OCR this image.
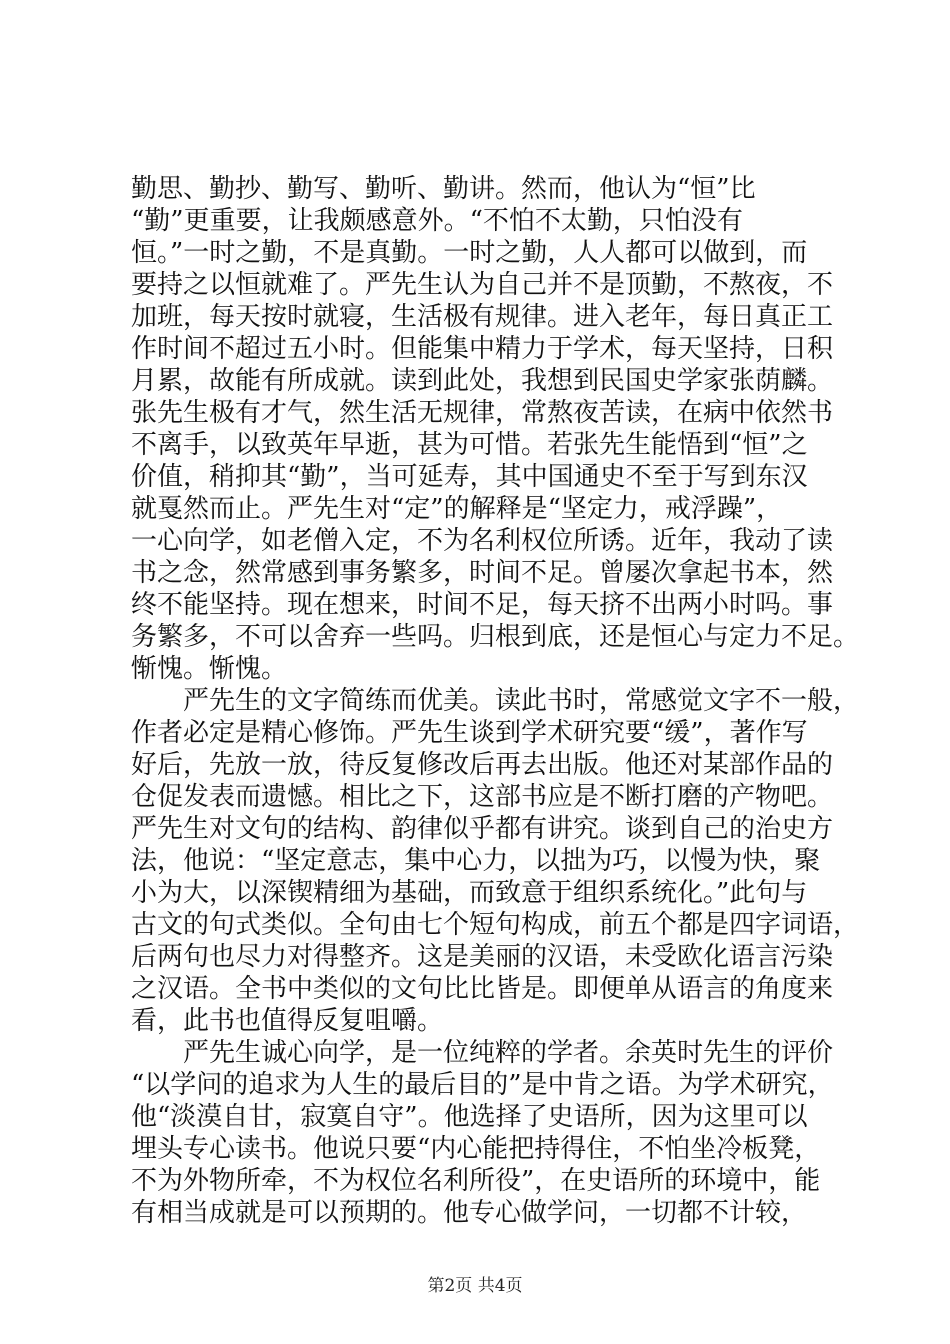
勤思、勤抄、勤写、勤听、勤讲。然而，他认为“恒”比
“勤”更重要，让我颇感意外。“不怕不太勤，只怕没有
恒。”一时之勤，不是真勤。一时之勤，人人都可以做到，而
要持之以恒就难了。严先生认为自己并不是顶勤，不熬夜，不
加班，每天按时就寝，生活极有规律。进入老年，每日真正工
作时间不超过五小时。但能集中精力于学术，每天坚持，日积
月累，故能有所成就。读到此处，我想到民国史学家张荫麟。
张先生极有才气，然生活无规律，常熬夜苦读，在病中依然书
不离手，以致英年早逝，甚为可惜。若张先生能悟到“恒”之
价值，稍抑其“勤”，当可延寿，其中国通史不至于写到东汉
就戛然而止。严先生对“定”的解释是“坚定力，戒浮躁”，
一心向学，如老僧入定，不为名利权位所诱。近年，我动了读
书之念，然常感到事务繁多，时间不足。曾屡次拿起书本，然
终不能坚持。现在想来，时间不足，每天挤不出两小时吗。事
务繁多，不可以舍弃一些吗。归根到底，还是恒心与定力不足。
惭愧。惭愧。
　　严先生的文字简练而优美。读此书时，常感觉文字不一般，
作者必定是精心修饰。严先生谈到学术研究要“缓”，著作写
好后，先放一放，待反复修改后再去出版。他还对某部作品的
仓促发表而遗憾。相比之下，这部书应是不断打磨的产物吧。
严先生对文句的结构、韵律似乎都有讲究。谈到自己的治史方
法，他说：“坚定意志，集中心力，以拙为巧，以慢为快，聚
小为大，以深锲精细为基础，而致意于组织系统化。”此句与
古文的句式类似。全句由七个短句构成，前五个都是四字词语，
后两句也尽力对得整齐。这是美丽的汉语，未受欧化语言污染
之汉语。全书中类似的文句比比皆是。即便单从语言的角度来
看，此书也值得反复咀嚼。
　　严先生诚心向学，是一位纯粹的学者。余英时先生的评价
“以学问的追求为人生的最后目的”是中肯之语。为学术研究，
他“淡漠自甘，寂寞自守”。他选择了史语所，因为这里可以
埋头专心读书。他说只要“内心能把持得住，不怕坐冷板凳，
不为外物所牵，不为权位名利所役”，在史语所的环境中，能
有相当成就是可以预期的。他专心做学问，一切都不计较，
第2页 共4页
